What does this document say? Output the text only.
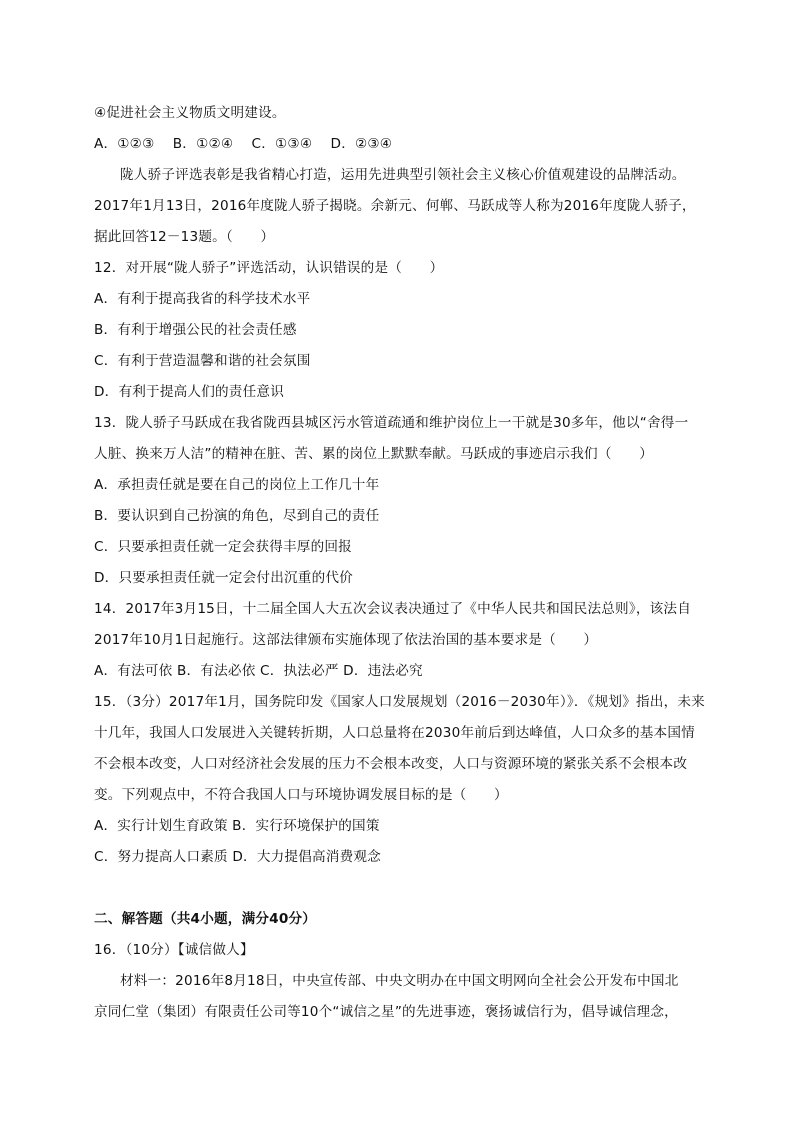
④促进社会主义物质文明建设。
A．①②③　 B．①②④　 C．①③④　 D．②③④
陇人骄子评选表彰是我省精心打造，运用先进典型引领社会主义核心价值观建设的品牌活动。
2017年1月13日，2016年度陇人骄子揭晓。余新元、何郸、马跃成等人称为2016年度陇人骄子，
据此回答12－13题。（　　）
12．对开展“陇人骄子”评选活动，认识错误的是（　　）
A．有利于提高我省的科学技术水平
B．有利于增强公民的社会责任感
C．有利于营造温馨和谐的社会氛围
D．有利于提高人们的责任意识
13．陇人骄子马跃成在我省陇西县城区污水管道疏通和维护岗位上一干就是30多年，他以“舍得一
人脏、换来万人洁”的精神在脏、苦、累的岗位上默默奉献。马跃成的事迹启示我们（　　）
A．承担责任就是要在自己的岗位上工作几十年
B．要认识到自己扮演的角色，尽到自己的责任
C．只要承担责任就一定会获得丰厚的回报
D．只要承担责任就一定会付出沉重的代价
14．2017年3月15日，十二届全国人大五次会议表决通过了《中华人民共和国民法总则》，该法自
2017年10月1日起施行。这部法律颁布实施体现了依法治国的基本要求是（　　）
A．有法可依 B．有法必依 C．执法必严 D．违法必究
15．（3分）2017年1月，国务院印发《国家人口发展规划（2016－2030年）》．《规划》指出，未来
十几年，我国人口发展进入关键转折期，人口总量将在2030年前后到达峰值，人口众多的基本国情
不会根本改变，人口对经济社会发展的压力不会根本改变，人口与资源环境的紧张关系不会根本改
变。下列观点中，不符合我国人口与环境协调发展目标的是（　　）
A．实行计划生育政策 B．实行环境保护的国策
C．努力提高人口素质 D．大力提倡高消费观念
二、解答题（共4小题，满分40分）
16．（10分）【诚信做人】
材料一：2016年8月18日，中央宣传部、中央文明办在中国文明网向全社会公开发布中国北
京同仁堂（集团）有限责任公司等10个“诚信之星”的先进事迹，褒扬诚信行为，倡导诚信理念，
